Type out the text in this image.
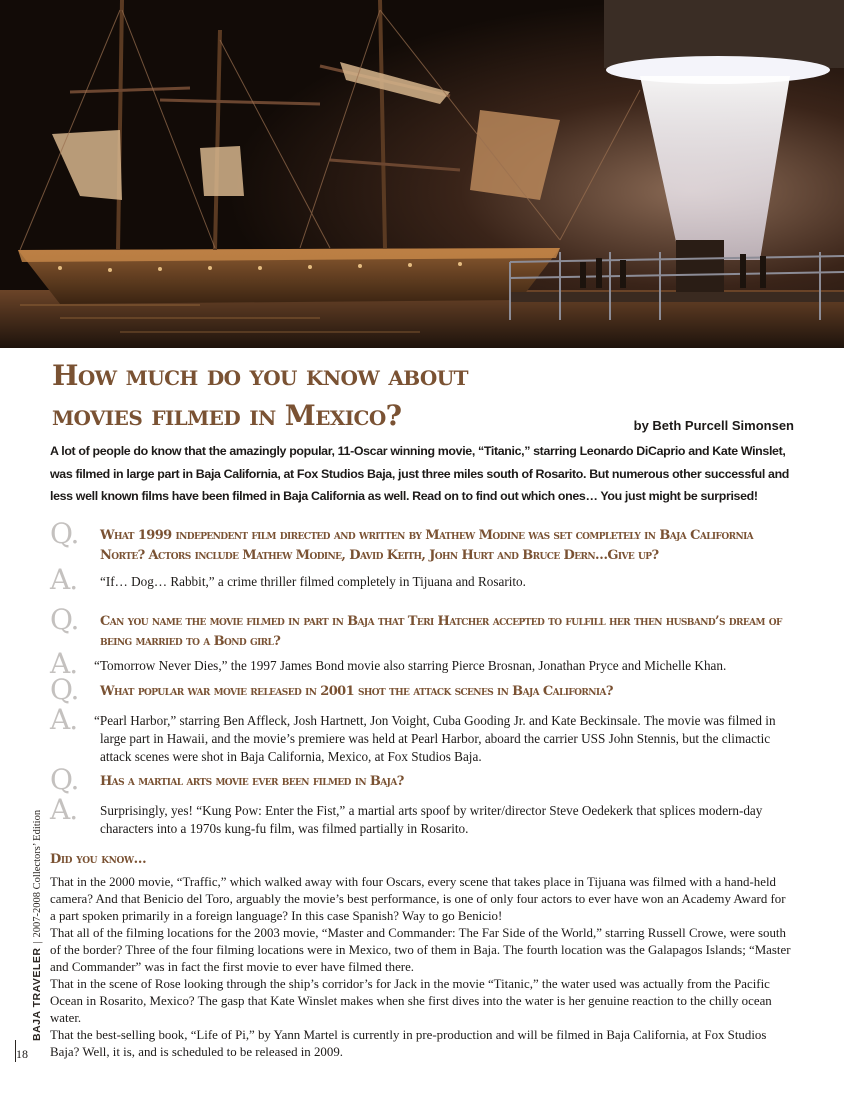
How much do you know about
movies filmed in Mexico?	by Beth Purcell Simonsen

A lot of people do know that the amazingly popular, 11-Oscar winning movie, “Titanic,” starring Leonardo DiCaprio and Kate Winslet, was filmed in large part in Baja California, at Fox Studios Baja, just three miles south of Rosarito. But numerous other successful and less well known films have been filmed in Baja California as well. Read on to find out which ones… You just might be surprised!

Q. What 1999 independent film directed and written by Mathew Modine was set completely in Baja California Norte? Actors include Mathew Modine, David Keith, John Hurt and Bruce Dern…Give up?

A. “If… Dog… Rabbit,” a crime thriller filmed completely in Tijuana and Rosarito.

Q. Can you name the movie filmed in part in Baja that Teri Hatcher accepted to fulfill her then husband’s dream of being married to a Bond girl?

A. “Tomorrow Never Dies,” the 1997 James Bond movie also starring Pierce Brosnan, Jonathan Pryce and Michelle Khan.

Q. What popular war movie released in 2001 shot the attack scenes in Baja California?

A. “Pearl Harbor,” starring Ben Affleck, Josh Hartnett, Jon Voight, Cuba Gooding Jr. and Kate Beckinsale. The movie was filmed in large part in Hawaii, and the movie’s premiere was held at Pearl Harbor, aboard the carrier USS John Stennis, but the climactic attack scenes were shot in Baja California, Mexico, at Fox Studios Baja.

Q. Has a martial arts movie ever been filmed in Baja?

A. Surprisingly, yes! “Kung Pow: Enter the Fist,” a martial arts spoof by writer/director Steve Oedekerk that splices modern-day characters into a 1970s kung-fu film, was filmed partially in Rosarito.

Did you know…

That in the 2000 movie, “Traffic,” which walked away with four Oscars, every scene that takes place in Tijuana was filmed with a hand-held camera? And that Benicio del Toro, arguably the movie’s best performance, is one of only four actors to ever have won an Academy Award for a part spoken primarily in a foreign language? In this case Spanish? Way to go Benicio!

That all of the filming locations for the 2003 movie, “Master and Commander: The Far Side of the World,” starring Russell Crowe, were south of the border? Three of the four filming locations were in Mexico, two of them in Baja. The fourth location was the Galapagos Islands; “Master and Commander” was in fact the first movie to ever have filmed there.

That in the scene of Rose looking through the ship’s corridor’s for Jack in the movie “Titanic,” the water used was actually from the Pacific Ocean in Rosarito, Mexico? The gasp that Kate Winslet makes when she first dives into the water is her genuine reaction to the chilly ocean water.

That the best-selling book, “Life of Pi,” by Yann Martel is currently in pre-production and will be filmed in Baja California, at Fox Studios Baja? Well, it is, and is scheduled to be released in 2009.

BAJA TRAVELER|2007-2008 Collectors’ Edition
18
